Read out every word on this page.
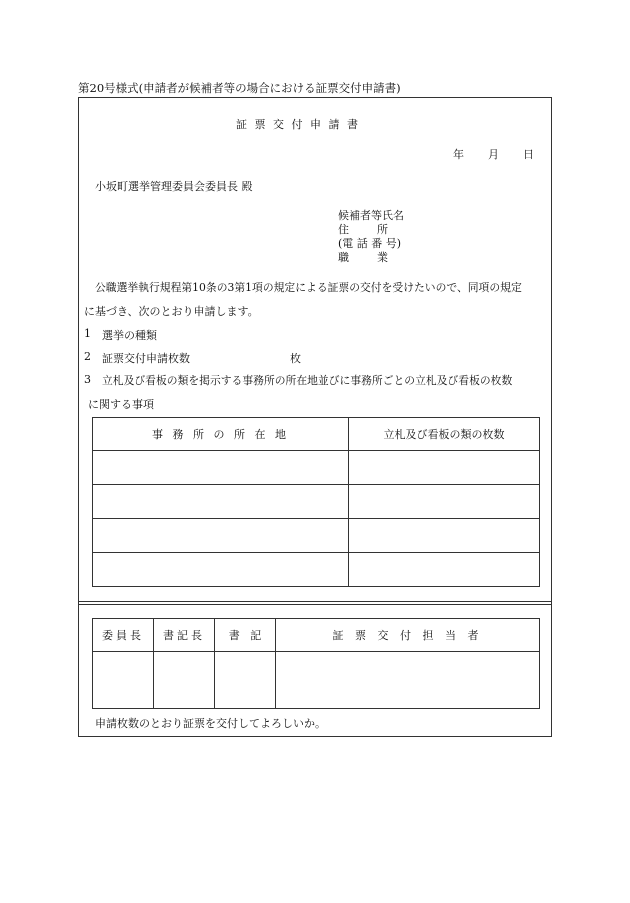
第20号様式(申請者が候補者等の場合における証票交付申請書)
証 票 交 付 申 請 書
年 月 日
小坂町選挙管理委員会委員長 殿
候補者等氏名
住        所
(電 話 番 号)
職        業
公職選挙執行規程第10条の3第1項の規定による証票の交付を受けたいので、同項の規定
に基づき、次のとおり申請します。
1 選挙の種類
2 証票交付申請枚数	枚
3 立札及び看板の類を掲示する事務所の所在地並びに事務所ごとの立札及び看板の枚数
に関する事項
事 務 所 の 所 在 地	立札及び看板の類の枚数

委員長	書記長	書   記	証 票 交 付 担 当 者

申請枚数のとおり証票を交付してよろしいか。
